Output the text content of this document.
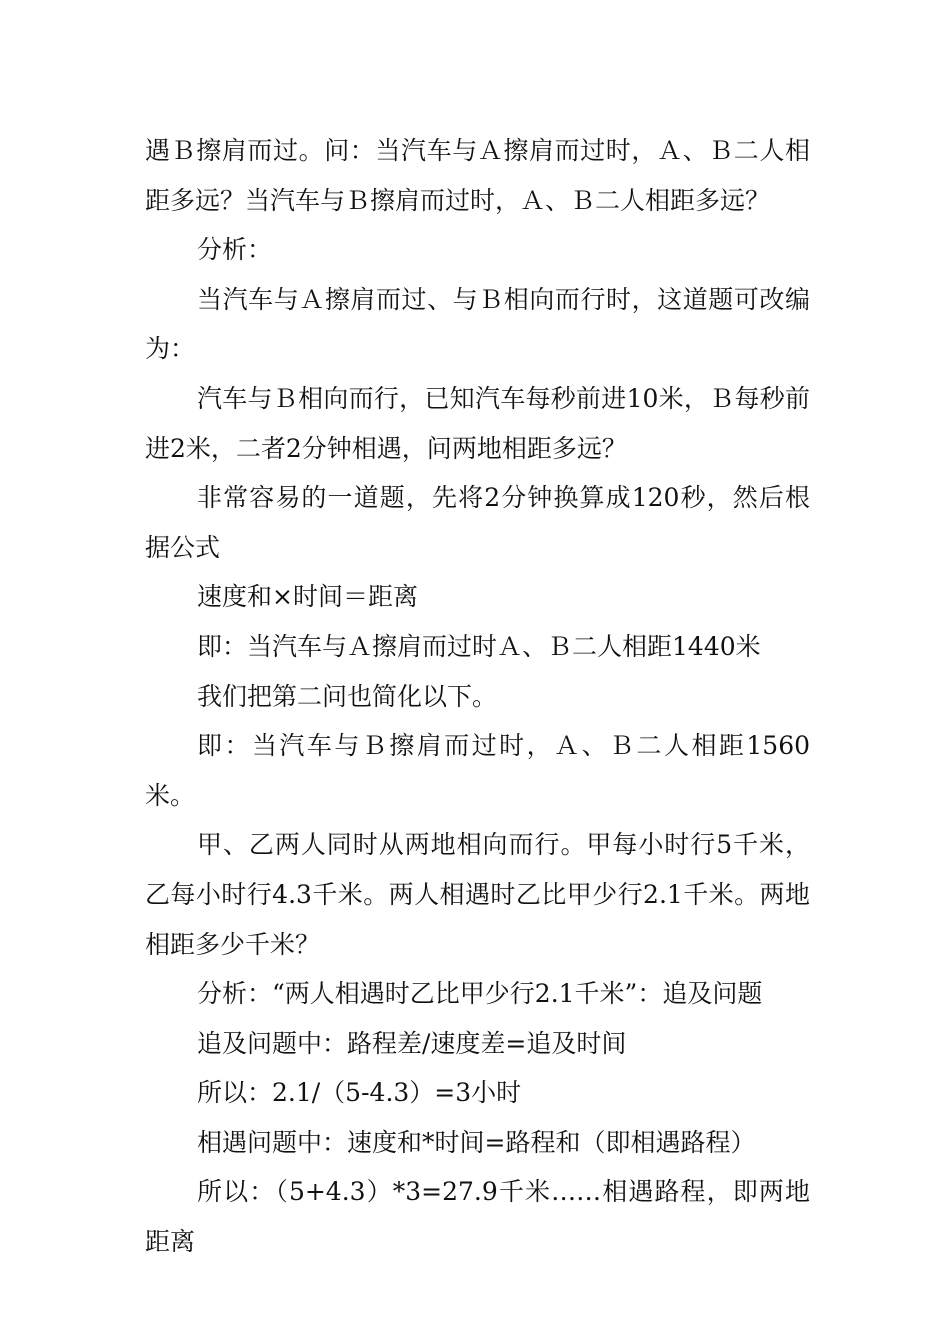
遇Ｂ擦肩而过。问：当汽车与Ａ擦肩而过时，Ａ、Ｂ二人相距多远？当汽车与Ｂ擦肩而过时，Ａ、Ｂ二人相距多远？

分析：

当汽车与Ａ擦肩而过、与Ｂ相向而行时，这道题可改编为：

汽车与Ｂ相向而行，已知汽车每秒前进10米，Ｂ每秒前进2米，二者2分钟相遇，问两地相距多远？

非常容易的一道题，先将2分钟换算成120秒，然后根据公式

速度和×时间＝距离

即：当汽车与Ａ擦肩而过时Ａ、Ｂ二人相距1440米

我们把第二问也简化以下。

即：当汽车与Ｂ擦肩而过时，Ａ、Ｂ二人相距1560米。

甲、乙两人同时从两地相向而行。甲每小时行5千米，乙每小时行4.3千米。两人相遇时乙比甲少行2.1千米。两地相距多少千米？

分析：“两人相遇时乙比甲少行2.1千米”：追及问题

追及问题中：路程差/速度差=追及时间

所以：2.1/（5-4.3）=3小时

相遇问题中：速度和*时间=路程和（即相遇路程）

所以：（5+4.3）*3=27.9千米……相遇路程，即两地距离
